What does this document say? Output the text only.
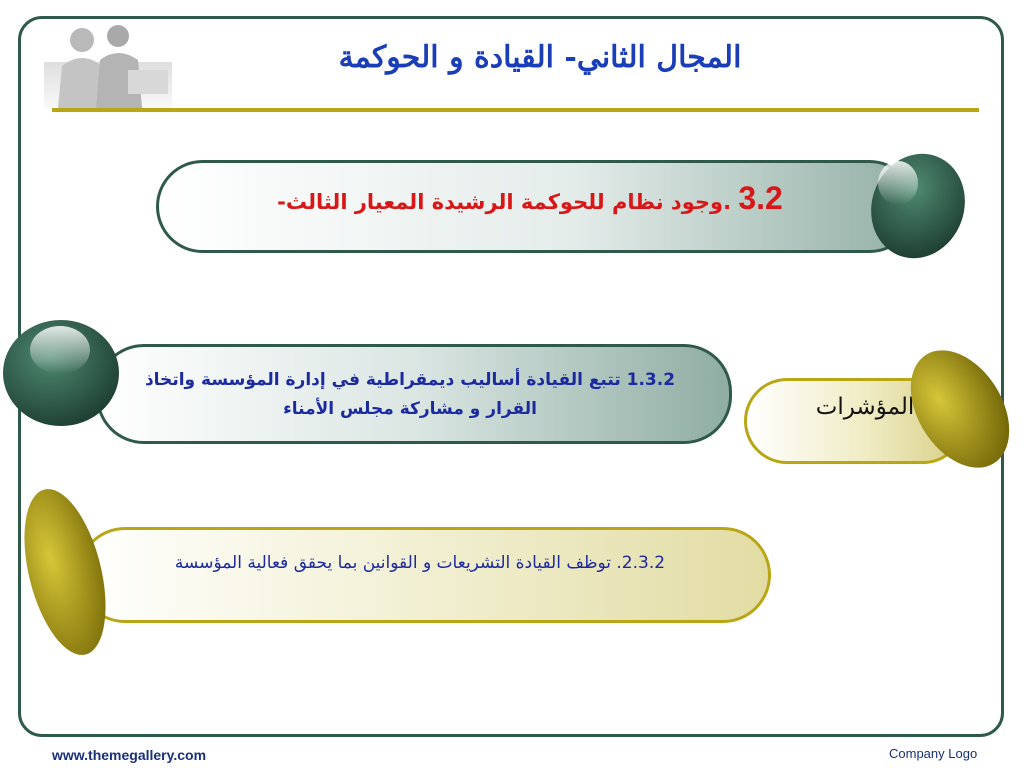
المجال الثاني- القيادة و الحوكمة
3.2 .وجود نظام للحوكمة الرشيدة المعيار الثالث-
1.3.2 تتبع القيادة أساليب ديمقراطية في إدارة المؤسسة واتخاذ القرار و مشاركة مجلس الأمناء
2.3.2. توظف القيادة التشريعات و القوانين بما يحقق فعالية المؤسسة
المؤشرات
www.themegallery.com	Company Logo
